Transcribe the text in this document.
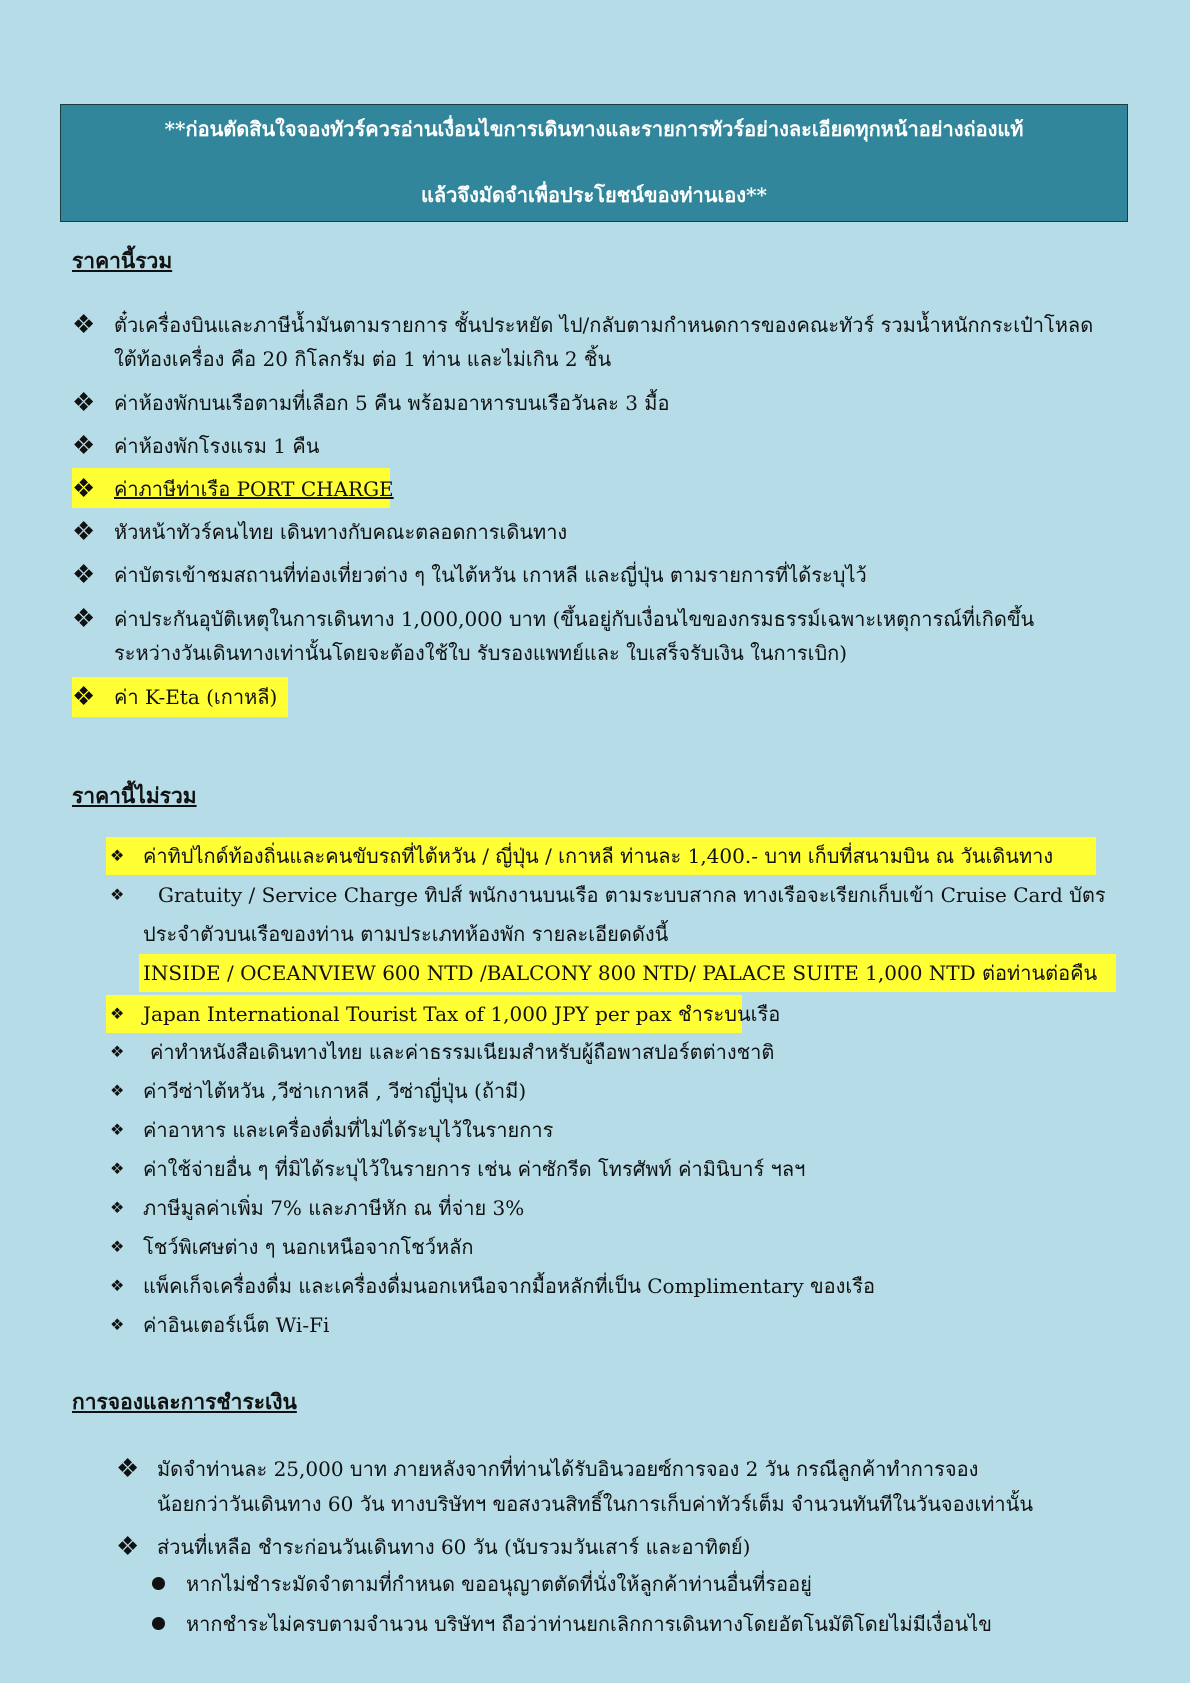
**ก่อนตัดสินใจจองทัวร์ควรอ่านเงื่อนไขการเดินทางและรายการทัวร์อย่างละเอียดทุกหน้าอย่างถ่องแท้
แล้วจึงมัดจำเพื่อประโยชน์ของท่านเอง**
ราคานี้รวม
❖ ตั๋วเครื่องบินและภาษีน้ำมันตามรายการ ชั้นประหยัด ไป/กลับตามกำหนดการของคณะทัวร์ รวมน้ำหนักกระเป๋าโหลด
ใต้ท้องเครื่อง คือ 20 กิโลกรัม ต่อ 1 ท่าน และไม่เกิน 2 ชิ้น
❖ ค่าห้องพักบนเรือตามที่เลือก 5 คืน พร้อมอาหารบนเรือวันละ 3 มื้อ
❖ ค่าห้องพักโรงแรม 1 คืน
❖ ค่าภาษีท่าเรือ PORT CHARGE
❖ หัวหน้าทัวร์คนไทย เดินทางกับคณะตลอดการเดินทาง
❖ ค่าบัตรเข้าชมสถานที่ท่องเที่ยวต่าง ๆ ในไต้หวัน เกาหลี และญี่ปุ่น ตามรายการที่ได้ระบุไว้
❖ ค่าประกันอุบัติเหตุในการเดินทาง 1,000,000 บาท (ขึ้นอยู่กับเงื่อนไขของกรมธรรม์เฉพาะเหตุการณ์ที่เกิดขึ้น
ระหว่างวันเดินทางเท่านั้นโดยจะต้องใช้ใบ รับรองแพทย์และ ใบเสร็จรับเงิน ในการเบิก)
❖ ค่า K-Eta (เกาหลี)
ราคานี้ไม่รวม
❖ ค่าทิปไกด์ท้องถิ่นและคนขับรถที่ไต้หวัน / ญี่ปุ่น / เกาหลี ท่านละ 1,400.- บาท เก็บที่สนามบิน ณ วันเดินทาง
❖ Gratuity / Service Charge ทิปส์ พนักงานบนเรือ ตามระบบสากล ทางเรือจะเรียกเก็บเข้า Cruise Card บัตร
ประจำตัวบนเรือของท่าน ตามประเภทห้องพัก รายละเอียดดังนี้
INSIDE / OCEANVIEW 600 NTD /BALCONY 800 NTD/ PALACE SUITE 1,000 NTD ต่อท่านต่อคืน
❖ Japan International Tourist Tax of 1,000 JPY per pax ชำระบนเรือ
❖ ค่าทำหนังสือเดินทางไทย และค่าธรรมเนียมสำหรับผู้ถือพาสปอร์ตต่างชาติ
❖ ค่าวีซ่าไต้หวัน ,วีซ่าเกาหลี , วีซ่าญี่ปุ่น (ถ้ามี)
❖ ค่าอาหาร และเครื่องดื่มที่ไม่ได้ระบุไว้ในรายการ
❖ ค่าใช้จ่ายอื่น ๆ ที่มิได้ระบุไว้ในรายการ เช่น ค่าซักรีด โทรศัพท์ ค่ามินิบาร์ ฯลฯ
❖ ภาษีมูลค่าเพิ่ม 7% และภาษีหัก ณ ที่จ่าย 3%
❖ โชว์พิเศษต่าง ๆ นอกเหนือจากโชว์หลัก
❖ แพ็คเก็จเครื่องดื่ม และเครื่องดื่มนอกเหนือจากมื้อหลักที่เป็น Complimentary ของเรือ
❖ ค่าอินเตอร์เน็ต Wi-Fi
การจองและการชำระเงิน
❖ มัดจำท่านละ 25,000 บาท ภายหลังจากที่ท่านได้รับอินวอยซ์การจอง 2 วัน กรณีลูกค้าทำการจอง
น้อยกว่าวันเดินทาง 60 วัน ทางบริษัทฯ ขอสงวนสิทธิ์ในการเก็บค่าทัวร์เต็ม จำนวนทันทีในวันจองเท่านั้น
❖ ส่วนที่เหลือ ชำระก่อนวันเดินทาง 60 วัน (นับรวมวันเสาร์ และอาทิตย์)
หากไม่ชำระมัดจำตามที่กำหนด ขออนุญาตตัดที่นั่งให้ลูกค้าท่านอื่นที่รออยู่
หากชำระไม่ครบตามจำนวน บริษัทฯ ถือว่าท่านยกเลิกการเดินทางโดยอัตโนมัติโดยไม่มีเงื่อนไข
